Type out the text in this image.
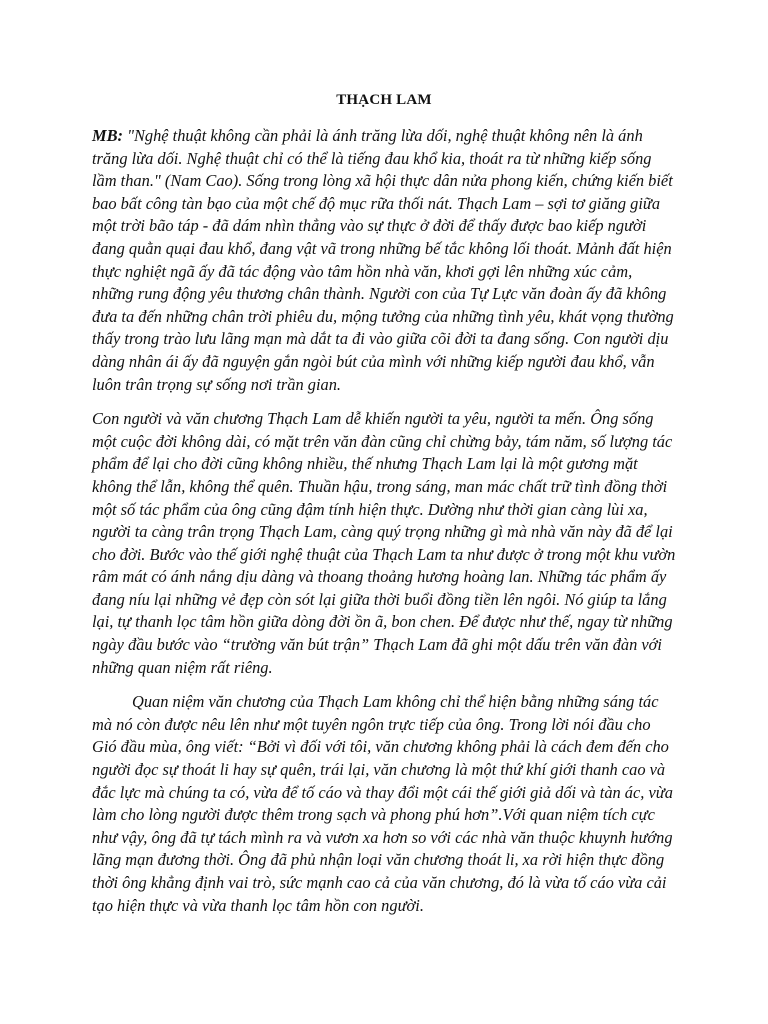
THẠCH LAM

MB: "Nghệ thuật không cần phải là ánh trăng lừa dối, nghệ thuật không nên là ánh trăng lừa dối. Nghệ thuật chỉ có thể là tiếng đau khổ kia, thoát ra từ những kiếp sống lầm than." (Nam Cao). Sống trong lòng xã hội thực dân nửa phong kiến, chứng kiến biết bao bất công tàn bạo của một chế độ mục rữa thối nát. Thạch Lam – sợi tơ giăng giữa một trời bão táp - đã dám nhìn thẳng vào sự thực ở đời để thấy được bao kiếp người đang quằn quại đau khổ, đang vật vã trong những bế tắc không lối thoát. Mảnh đất hiện thực nghiệt ngã ấy đã tác động vào tâm hồn nhà văn, khơi gợi lên những xúc cảm, những rung động yêu thương chân thành. Người con của Tự Lực văn đoàn ấy đã không đưa ta đến những chân trời phiêu du, mộng tưởng của những tình yêu, khát vọng thường thấy trong trào lưu lãng mạn mà dắt ta đi vào giữa cõi đời ta đang sống. Con người dịu dàng nhân ái ấy đã nguyện gắn ngòi bút của mình với những kiếp người đau khổ, vẫn luôn trân trọng sự sống nơi trần gian.

Con người và văn chương Thạch Lam dễ khiến người ta yêu, người ta mến. Ông sống một cuộc đời không dài, có mặt trên văn đàn cũng chỉ chừng bảy, tám năm, số lượng tác phẩm để lại cho đời cũng không nhiều, thế nhưng Thạch Lam lại là một gương mặt không thể lẫn, không thể quên. Thuần hậu, trong sáng, man mác chất trữ tình đồng thời một số tác phẩm của ông cũng đậm tính hiện thực. Dường như thời gian càng lùi xa, người ta càng trân trọng Thạch Lam, càng quý trọng những gì mà nhà văn này đã để lại cho đời. Bước vào thế giới nghệ thuật của Thạch Lam ta như được ở trong một khu vườn râm mát có ánh nắng dịu dàng và thoang thoảng hương hoàng lan. Những tác phẩm ấy đang níu lại những vẻ đẹp còn sót lại giữa thời buổi đồng tiền lên ngôi. Nó giúp ta lắng lại, tự thanh lọc tâm hồn giữa dòng đời ồn ã, bon chen. Để được như thế, ngay từ những ngày đầu bước vào “trường văn bút trận” Thạch Lam đã ghi một dấu trên văn đàn với những quan niệm rất riêng.

Quan niệm văn chương của Thạch Lam không chỉ thể hiện bằng những sáng tác mà nó còn được nêu lên như một tuyên ngôn trực tiếp của ông. Trong lời nói đầu cho Gió đầu mùa, ông viết: “Bởi vì đối với tôi, văn chương không phải là cách đem đến cho người đọc sự thoát li hay sự quên, trái lại, văn chương là một thứ khí giới thanh cao và đắc lực mà chúng ta có, vừa để tố cáo và thay đổi một cái thế giới giả dối và tàn ác, vừa làm cho lòng người được thêm trong sạch và phong phú hơn”.Với quan niệm tích cực như vậy, ông đã tự tách mình ra và vươn xa hơn so với các nhà văn thuộc khuynh hướng lãng mạn đương thời. Ông đã phủ nhận loại văn chương thoát li, xa rời hiện thực đồng thời ông khẳng định vai trò, sức mạnh cao cả của văn chương, đó là vừa tố cáo vừa cải tạo hiện thực và vừa thanh lọc tâm hồn con người.
